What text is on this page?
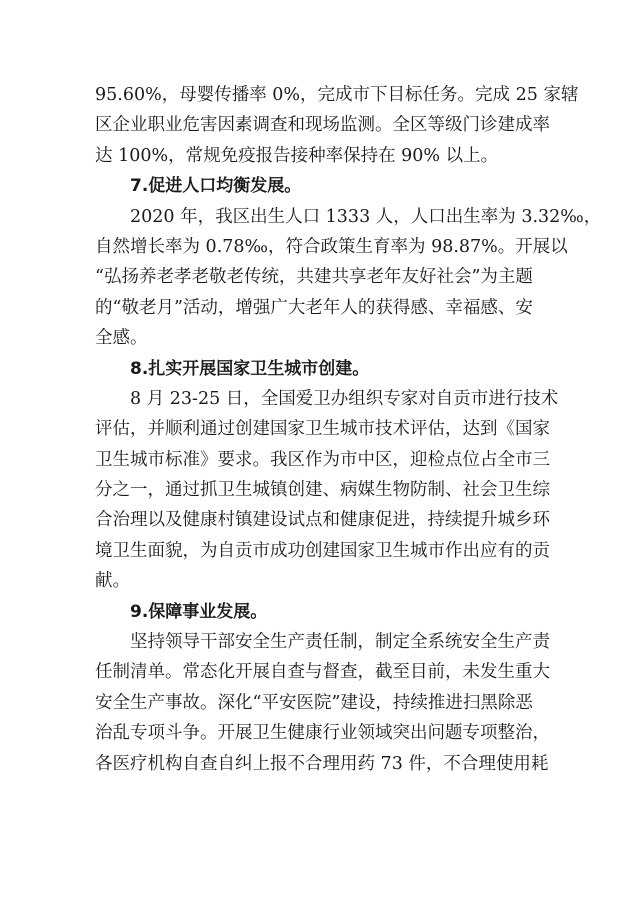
95.60%，母婴传播率 0%，完成市下目标任务。完成 25 家辖
区企业职业危害因素调查和现场监测。全区等级门诊建成率
达 100%，常规免疫报告接种率保持在 90% 以上。
7.促进人口均衡发展。
2020 年，我区出生人口 1333 人，人口出生率为 3.32‰，
自然增长率为 0.78‰，符合政策生育率为 98.87%。开展以
“弘扬养老孝老敬老传统，共建共享老年友好社会”为主题
的“敬老月”活动，增强广大老年人的获得感、幸福感、安
全感。
8.扎实开展国家卫生城市创建。
8 月 23-25 日，全国爱卫办组织专家对自贡市进行技术
评估，并顺利通过创建国家卫生城市技术评估，达到《国家
卫生城市标准》要求。我区作为市中区，迎检点位占全市三
分之一，通过抓卫生城镇创建、病媒生物防制、社会卫生综
合治理以及健康村镇建设试点和健康促进，持续提升城乡环
境卫生面貌，为自贡市成功创建国家卫生城市作出应有的贡
献。
9.保障事业发展。
坚持领导干部安全生产责任制，制定全系统安全生产责
任制清单。常态化开展自查与督查，截至目前，未发生重大
安全生产事故。深化“平安医院”建设，持续推进扫黑除恶
治乱专项斗争。开展卫生健康行业领域突出问题专项整治，
各医疗机构自查自纠上报不合理用药 73 件，不合理使用耗
